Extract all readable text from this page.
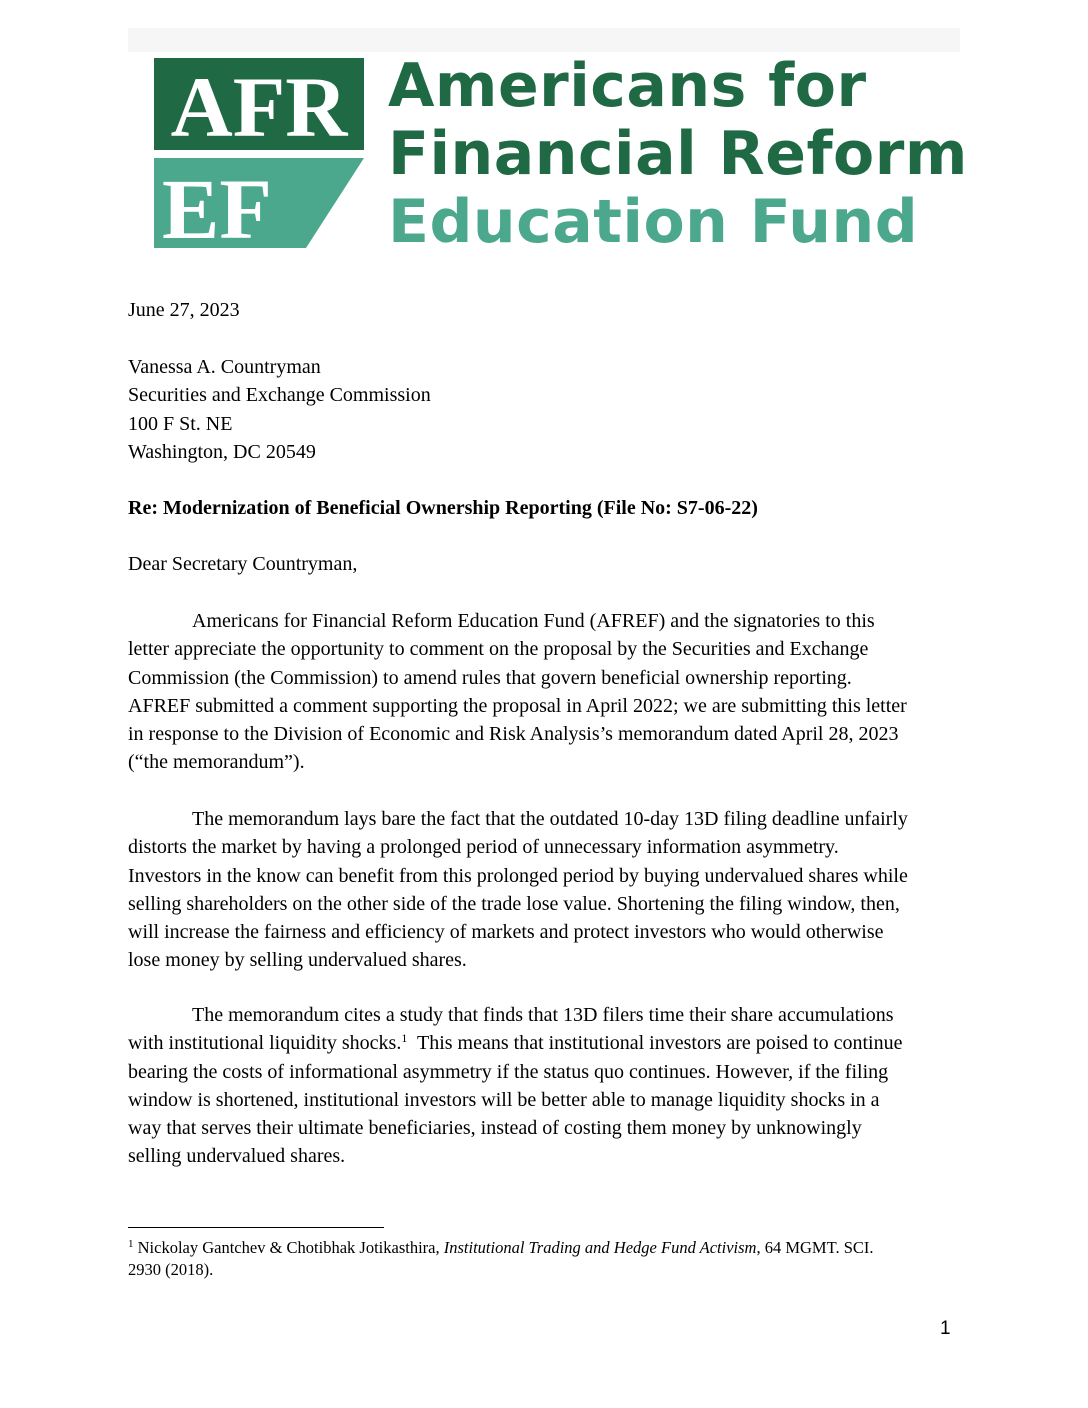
AFR
EF
Americans for
Financial Reform
Education Fund
June 27, 2023
Vanessa A. Countryman
Securities and Exchange Commission
100 F St. NE
Washington, DC 20549
Re: Modernization of Beneficial Ownership Reporting (File No: S7-06-22)
Dear Secretary Countryman,
Americans for Financial Reform Education Fund (AFREF) and the signatories to this
letter appreciate the opportunity to comment on the proposal by the Securities and Exchange
Commission (the Commission) to amend rules that govern beneficial ownership reporting.
AFREF submitted a comment supporting the proposal in April 2022; we are submitting this letter
in response to the Division of Economic and Risk Analysis’s memorandum dated April 28, 2023
(“the memorandum”).
The memorandum lays bare the fact that the outdated 10-day 13D filing deadline unfairly
distorts the market by having a prolonged period of unnecessary information asymmetry.
Investors in the know can benefit from this prolonged period by buying undervalued shares while
selling shareholders on the other side of the trade lose value. Shortening the filing window, then,
will increase the fairness and efficiency of markets and protect investors who would otherwise
lose money by selling undervalued shares.
The memorandum cites a study that finds that 13D filers time their share accumulations
with institutional liquidity shocks.$^1$  This means that institutional investors are poised to continue
bearing the costs of informational asymmetry if the status quo continues. However, if the filing
window is shortened, institutional investors will be better able to manage liquidity shocks in a
way that serves their ultimate beneficiaries, instead of costing them money by unknowingly
selling undervalued shares.
$^1$ Nickolay Gantchev & Chotibhak Jotikasthira, Institutional Trading and Hedge Fund Activism, 64 MGMT. SCI.
2930 (2018).
1
